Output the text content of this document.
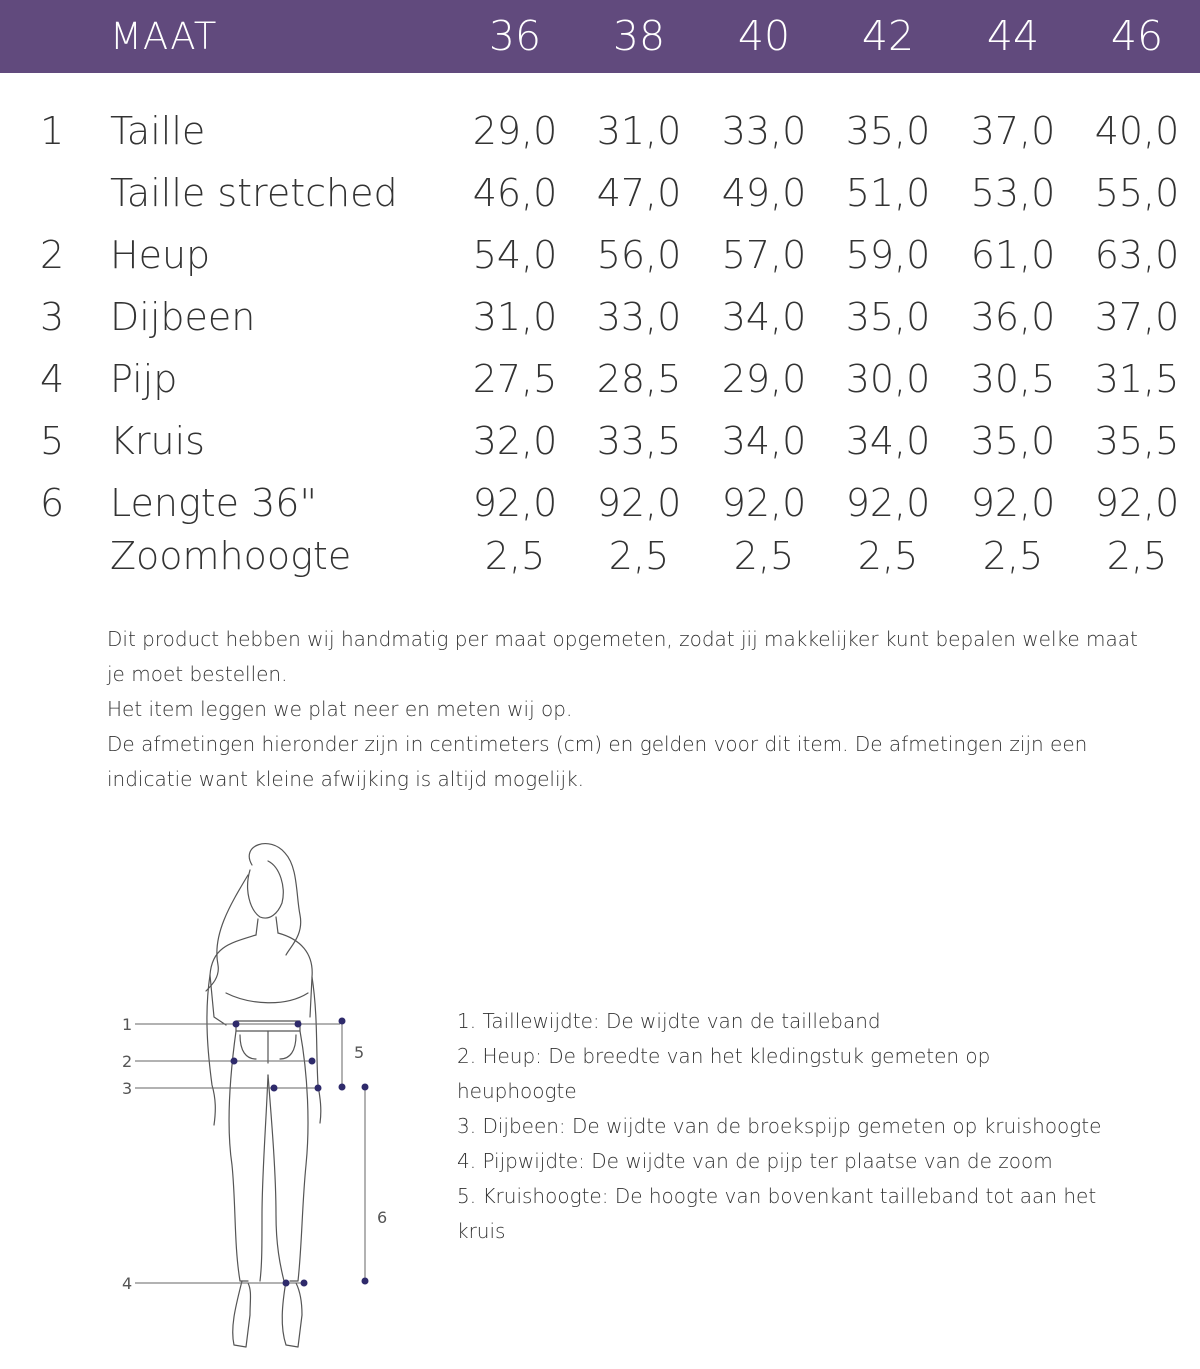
MAAT	36	38	40	42	44	46
1 Taille	29,0	31,0	33,0	35,0	37,0	40,0
Taille stretched	46,0	47,0	49,0	51,0	53,0	55,0
2 Heup	54,0	56,0	57,0	59,0	61,0	63,0
3 Dijbeen	31,0	33,0	34,0	35,0	36,0	37,0
4 Pijp	27,5	28,5	29,0	30,0	30,5	31,5
5 Kruis	32,0	33,5	34,0	34,0	35,0	35,5
6 Lengte 36"	92,0	92,0	92,0	92,0	92,0	92,0
Zoomhoogte	2,5	2,5	2,5	2,5	2,5	2,5
Dit product hebben wij handmatig per maat opgemeten, zodat jij makkelijker kunt bepalen welke maat
je moet bestellen.
Het item leggen we plat neer en meten wij op.
De afmetingen hieronder zijn in centimeters (cm) en gelden voor dit item. De afmetingen zijn een
indicatie want kleine afwijking is altijd mogelijk.
1
2
3
4
5
6
1. Taillewijdte: De wijdte van de tailleband
2. Heup: De breedte van het kledingstuk gemeten op
heuphoogte
3. Dijbeen: De wijdte van de broekspijp gemeten op kruishoogte
4. Pijpwijdte: De wijdte van de pijp ter plaatse van de zoom
5. Kruishoogte: De hoogte van bovenkant tailleband tot aan het
kruis
